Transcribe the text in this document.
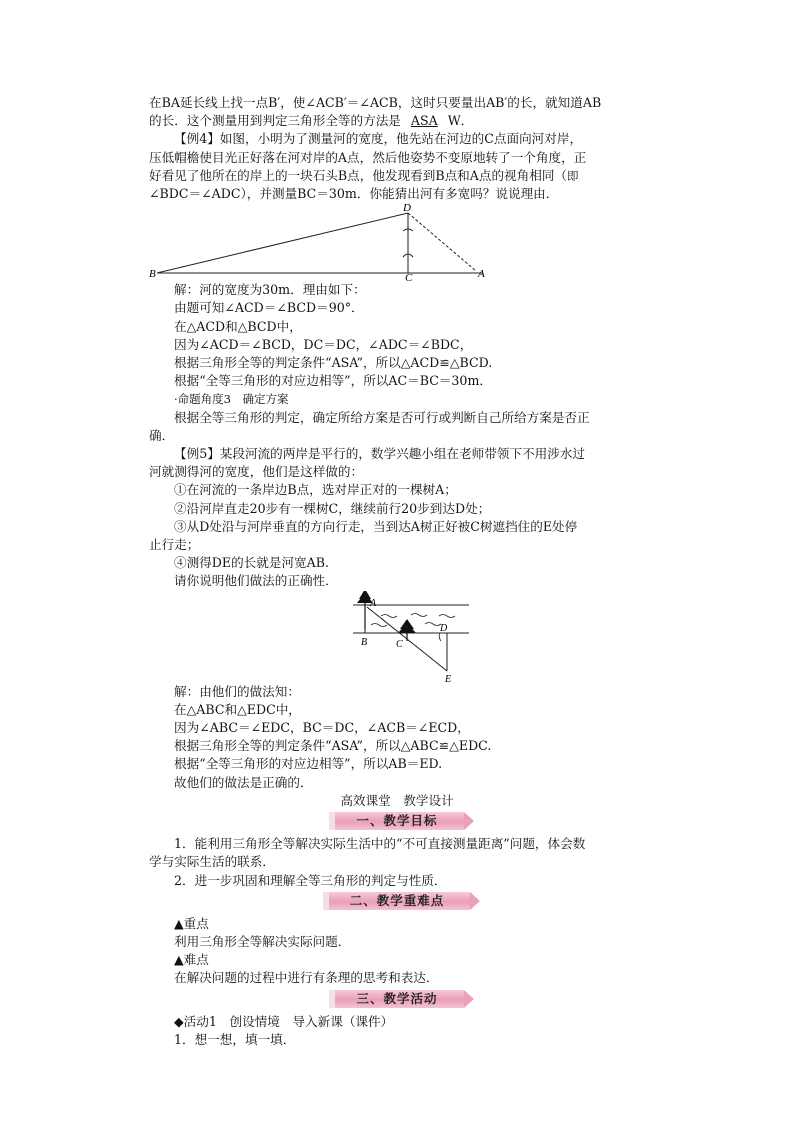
在BA延长线上找一点B′，使∠ACB′＝∠ACB，这时只要量出AB′的长，就知道AB

的长．这个测量用到判定三角形全等的方法是 ASA W．

【例4】如图，小明为了测量河的宽度，他先站在河边的C点面向河对岸，

压低帽檐使目光正好落在河对岸的A点，然后他姿势不变原地转了一个角度，正

好看见了他所在的岸上的一块石头B点，他发现看到B点和A点的视角相同（即

∠BDC＝∠ADC），并测量BC＝30m．你能猜出河有多宽吗？说说理由．

D
B	C	A

解：河的宽度为30m．理由如下：

由题可知∠ACD＝∠BCD＝90°．

在△ACD和△BCD中，

因为∠ACD＝∠BCD，DC＝DC，∠ADC＝∠BDC，

根据三角形全等的判定条件“ASA”，所以△ACD≌△BCD.

根据“全等三角形的对应边相等”，所以AC＝BC＝30m．

·命题角度3　确定方案

根据全等三角形的判定，确定所给方案是否可行或判断自己所给方案是否正

确．

【例5】某段河流的两岸是平行的，数学兴趣小组在老师带领下不用涉水过

河就测得河的宽度，他们是这样做的：

①在河流的一条岸边B点，选对岸正对的一棵树A；

②沿河岸直走20步有一棵树C，继续前行20步到达D处；

③从D处沿与河岸垂直的方向行走，当到达A树正好被C树遮挡住的E处停

止行走；

④测得DE的长就是河宽AB.

请你说明他们做法的正确性．

A
B	C
D
E

解：由他们的做法知：

在△ABC和△EDC中，

因为∠ABC＝∠EDC，BC＝DC，∠ACB＝∠ECD，

根据三角形全等的判定条件“ASA”，所以△ABC≌△EDC.

根据“全等三角形的对应边相等”，所以AB＝ED.

故他们的做法是正确的．

高效课堂　教学设计

一、教学目标

1．能利用三角形全等解决实际生活中的“不可直接测量距离”问题，体会数

学与实际生活的联系．

2．进一步巩固和理解全等三角形的判定与性质．

二、教学重难点

▲重点

利用三角形全等解决实际问题．

▲难点

在解决问题的过程中进行有条理的思考和表达．

三、教学活动

◆活动1　创设情境　导入新课（课件）

1．想一想，填一填．
